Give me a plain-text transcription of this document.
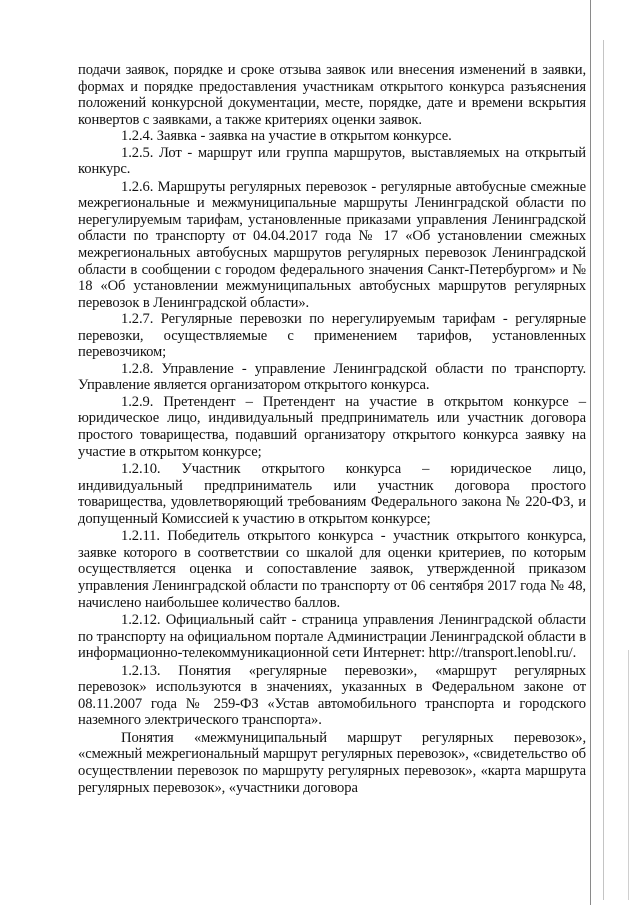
подачи заявок, порядке и сроке отзыва заявок или внесения изменений в заявки, формах и порядке предоставления участникам открытого конкурса разъяснения положений конкурсной документации, месте, порядке, дате и времени вскрытия конвертов с заявками, а также критериях оценки заявок.

1.2.4. Заявка - заявка на участие в открытом конкурсе.

1.2.5. Лот - маршрут или группа маршрутов, выставляемых на открытый конкурс.

1.2.6. Маршруты регулярных перевозок - регулярные автобусные смежные межрегиональные и межмуниципальные маршруты Ленинградской области по нерегулируемым тарифам, установленные приказами управления Ленинградской области по транспорту от 04.04.2017 года № 17 «Об установлении смежных межрегиональных автобусных маршрутов регулярных перевозок Ленинградской области в сообщении с городом федерального значения Санкт-Петербургом» и № 18 «Об установлении межмуниципальных автобусных маршрутов регулярных перевозок в Ленинградской области».

1.2.7. Регулярные перевозки по нерегулируемым тарифам - регулярные перевозки, осуществляемые с применением тарифов, установленных перевозчиком;

1.2.8. Управление - управление Ленинградской области по транспорту. Управление является организатором открытого конкурса.

1.2.9. Претендент – Претендент на участие в открытом конкурсе – юридическое лицо, индивидуальный предприниматель или участник договора простого товарищества, подавший организатору открытого конкурса заявку на участие в открытом конкурсе;

1.2.10. Участник открытого конкурса – юридическое лицо, индивидуальный предприниматель или участник договора простого товарищества, удовлетворяющий требованиям Федерального закона № 220-ФЗ, и допущенный Комиссией к участию в открытом конкурсе;

1.2.11. Победитель открытого конкурса - участник открытого конкурса, заявке которого в соответствии со шкалой для оценки критериев, по которым осуществляется оценка и сопоставление заявок, утвержденной приказом управления Ленинградской области по транспорту от 06 сентября 2017 года № 48, начислено наибольшее количество баллов.

1.2.12. Официальный сайт - страница управления Ленинградской области по транспорту на официальном портале Администрации Ленинградской области в информационно-телекоммуникационной сети Интернет: http://transport.lenobl.ru/.

1.2.13. Понятия «регулярные перевозки», «маршрут регулярных перевозок» используются в значениях, указанных в Федеральном законе от 08.11.2007 года № 259-ФЗ «Устав автомобильного транспорта и городского наземного электрического транспорта».

Понятия «межмуниципальный маршрут регулярных перевозок», «смежный межрегиональный маршрут регулярных перевозок», «свидетельство об осуществлении перевозок по маршруту регулярных перевозок», «карта маршрута регулярных перевозок», «участники договора
